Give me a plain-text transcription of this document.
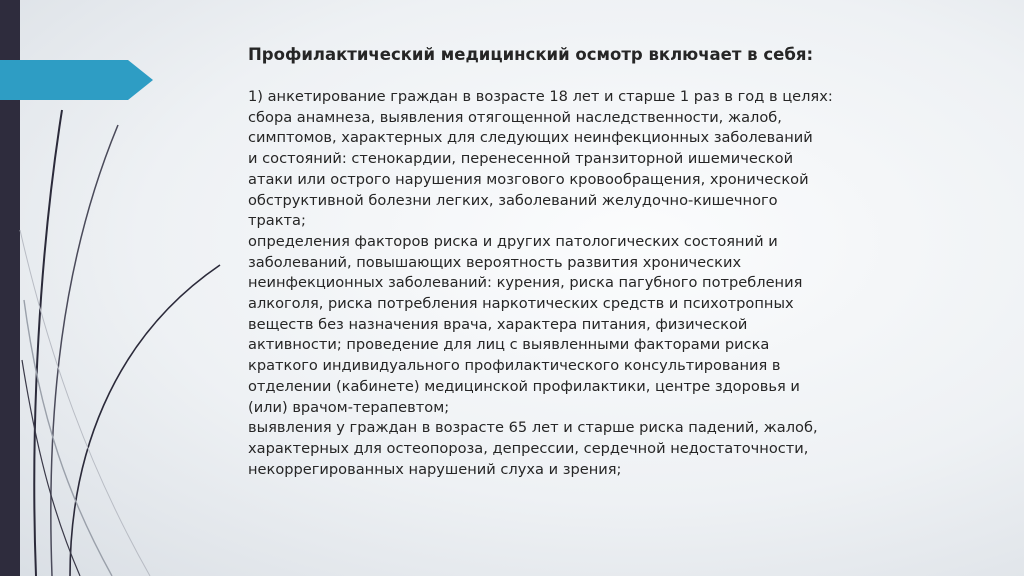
Профилактический медицинский осмотр включает в себя:

1) анкетирование граждан в возрасте 18 лет и старше 1 раз в год в целях:
сбора анамнеза, выявления отягощенной наследственности, жалоб,
симптомов, характерных для следующих неинфекционных заболеваний
и состояний: стенокардии, перенесенной транзиторной ишемической
атаки или острого нарушения мозгового кровообращения, хронической
обструктивной болезни легких, заболеваний желудочно-кишечного
тракта;
определения факторов риска и других патологических состояний и
заболеваний, повышающих вероятность развития хронических
неинфекционных заболеваний: курения, риска пагубного потребления
алкоголя, риска потребления наркотических средств и психотропных
веществ без назначения врача, характера питания, физической
активности; проведение для лиц с выявленными факторами риска
краткого индивидуального профилактического консультирования в
отделении (кабинете) медицинской профилактики, центре здоровья и
(или) врачом-терапевтом;
выявления у граждан в возрасте 65 лет и старше риска падений, жалоб,
характерных для остеопороза, депрессии, сердечной недостаточности,
некоррегированных нарушений слуха и зрения;
